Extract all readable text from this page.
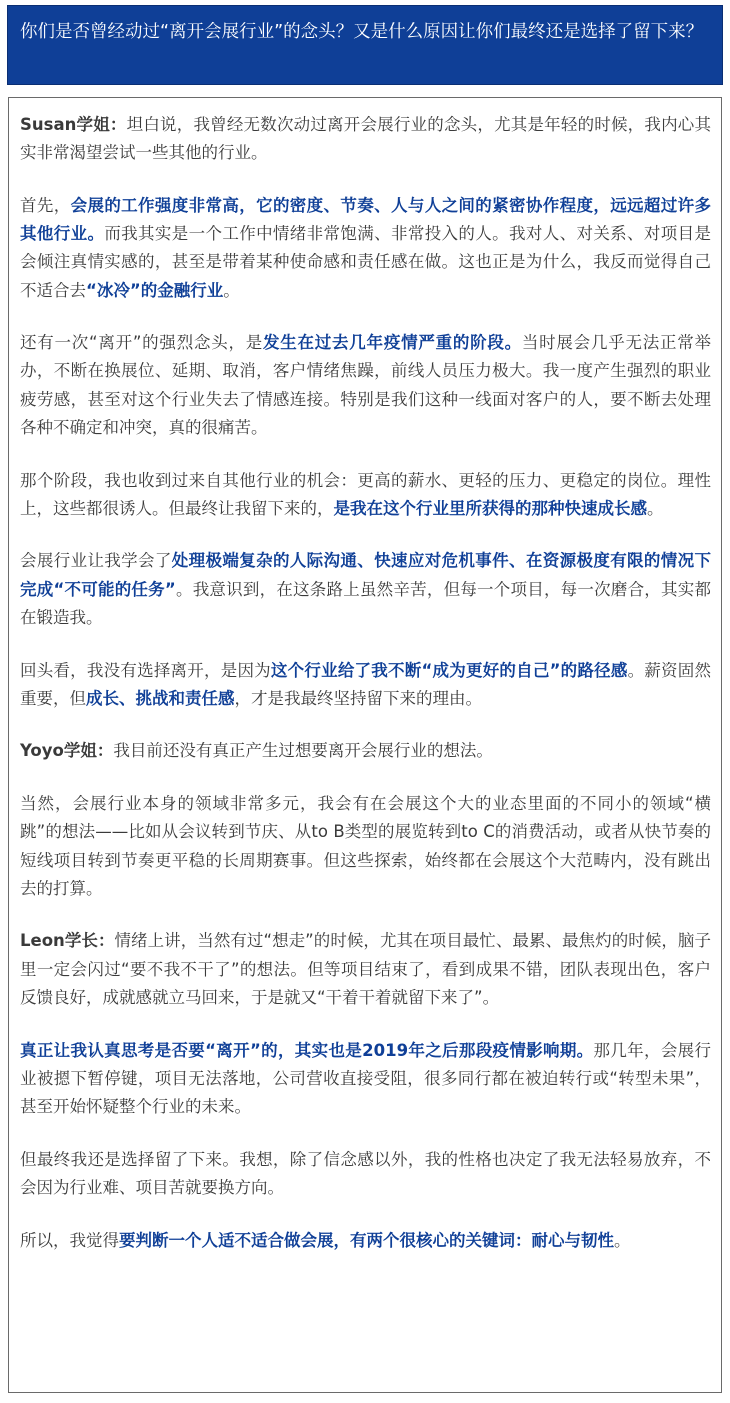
你们是否曾经动过“离开会展行业”的念头？又是什么原因让你们最终还是选择了留下来？

Susan学姐：坦白说，我曾经无数次动过离开会展行业的念头，尤其是年轻的时候，我内心其实非常渴望尝试一些其他的行业。

首先，会展的工作强度非常高，它的密度、节奏、人与人之间的紧密协作程度，远远超过许多其他行业。而我其实是一个工作中情绪非常饱满、非常投入的人。我对人、对关系、对项目是会倾注真情实感的，甚至是带着某种使命感和责任感在做。这也正是为什么，我反而觉得自己不适合去“冰冷”的金融行业。

还有一次“离开”的强烈念头，是发生在过去几年疫情严重的阶段。当时展会几乎无法正常举办，不断在换展位、延期、取消，客户情绪焦躁，前线人员压力极大。我一度产生强烈的职业疲劳感，甚至对这个行业失去了情感连接。特别是我们这种一线面对客户的人，要不断去处理各种不确定和冲突，真的很痛苦。

那个阶段，我也收到过来自其他行业的机会：更高的薪水、更轻的压力、更稳定的岗位。理性上，这些都很诱人。但最终让我留下来的，是我在这个行业里所获得的那种快速成长感。

会展行业让我学会了处理极端复杂的人际沟通、快速应对危机事件、在资源极度有限的情况下完成“不可能的任务”。我意识到，在这条路上虽然辛苦，但每一个项目，每一次磨合，其实都在锻造我。

回头看，我没有选择离开，是因为这个行业给了我不断“成为更好的自己”的路径感。薪资固然重要，但成长、挑战和责任感，才是我最终坚持留下来的理由。

Yoyo学姐：我目前还没有真正产生过想要离开会展行业的想法。

当然，会展行业本身的领域非常多元，我会有在会展这个大的业态里面的不同小的领域“横跳”的想法——比如从会议转到节庆、从to B类型的展览转到to C的消费活动，或者从快节奏的短线项目转到节奏更平稳的长周期赛事。但这些探索，始终都在会展这个大范畴内，没有跳出去的打算。

Leon学长：情绪上讲，当然有过“想走”的时候，尤其在项目最忙、最累、最焦灼的时候，脑子里一定会闪过“要不我不干了”的想法。但等项目结束了，看到成果不错，团队表现出色，客户反馈良好，成就感就立马回来，于是就又“干着干着就留下来了”。

真正让我认真思考是否要“离开”的，其实也是2019年之后那段疫情影响期。那几年，会展行业被摁下暂停键，项目无法落地，公司营收直接受阻，很多同行都在被迫转行或“转型未果”，甚至开始怀疑整个行业的未来。

但最终我还是选择留了下来。我想，除了信念感以外，我的性格也决定了我无法轻易放弃，不会因为行业难、项目苦就要换方向。

所以，我觉得要判断一个人适不适合做会展，有两个很核心的关键词：耐心与韧性。
